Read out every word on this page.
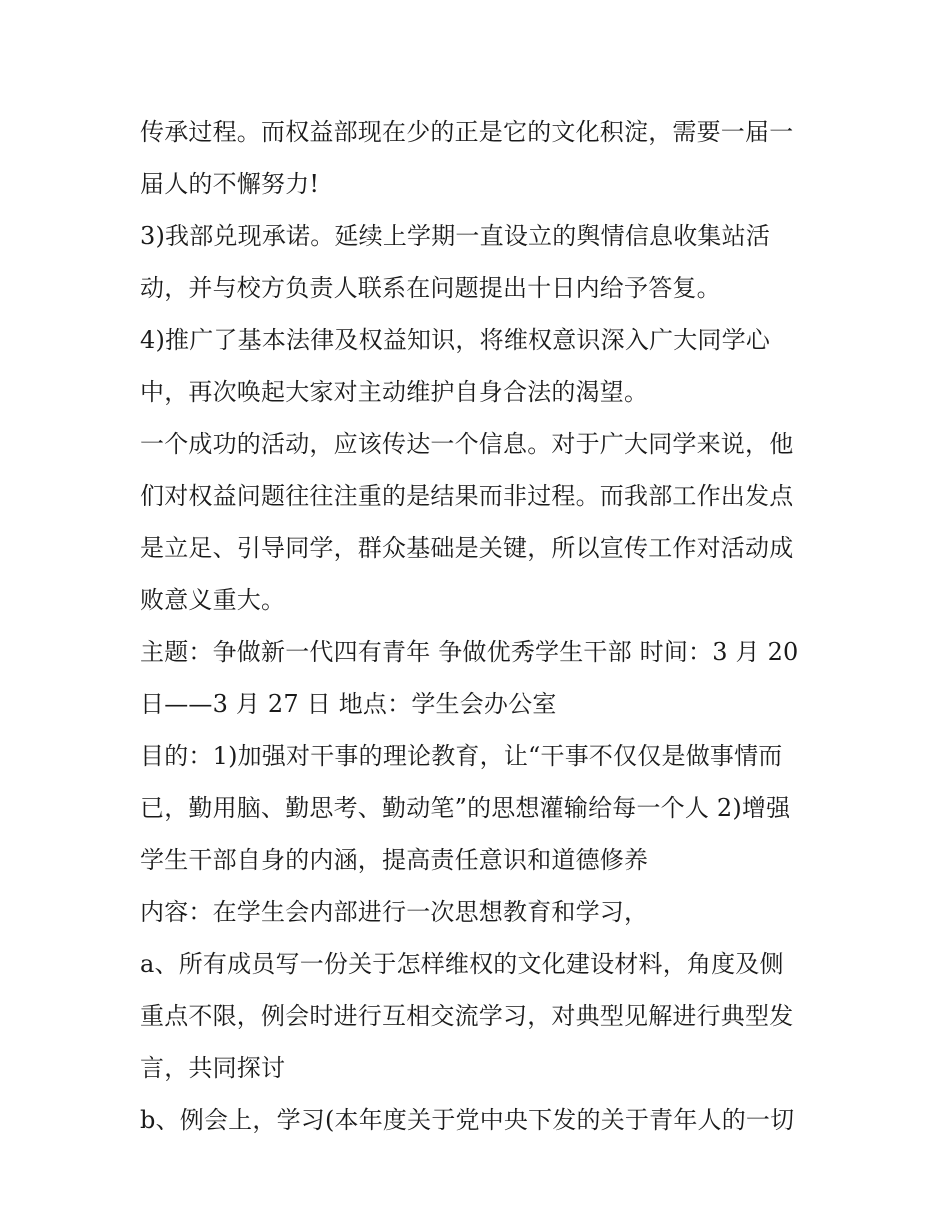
传承过程。而权益部现在少的正是它的文化积淀，需要一届一
届人的不懈努力!
3)我部兑现承诺。延续上学期一直设立的舆情信息收集站活
动，并与校方负责人联系在问题提出十日内给予答复。
4)推广了基本法律及权益知识，将维权意识深入广大同学心
中，再次唤起大家对主动维护自身合法的渴望。
一个成功的活动，应该传达一个信息。对于广大同学来说，他
们对权益问题往往注重的是结果而非过程。而我部工作出发点
是立足、引导同学，群众基础是关键，所以宣传工作对活动成
败意义重大。
主题：争做新一代四有青年 争做优秀学生干部 时间：3 月 20
日——3 月 27 日 地点：学生会办公室
目的：1)加强对干事的理论教育，让“干事不仅仅是做事情而
已，勤用脑、勤思考、勤动笔”的思想灌输给每一个人 2)增强
学生干部自身的内涵，提高责任意识和道德修养
内容：在学生会内部进行一次思想教育和学习，
a、所有成员写一份关于怎样维权的文化建设材料，角度及侧
重点不限，例会时进行互相交流学习，对典型见解进行典型发
言，共同探讨
b、例会上，学习(本年度关于党中央下发的关于青年人的一切
